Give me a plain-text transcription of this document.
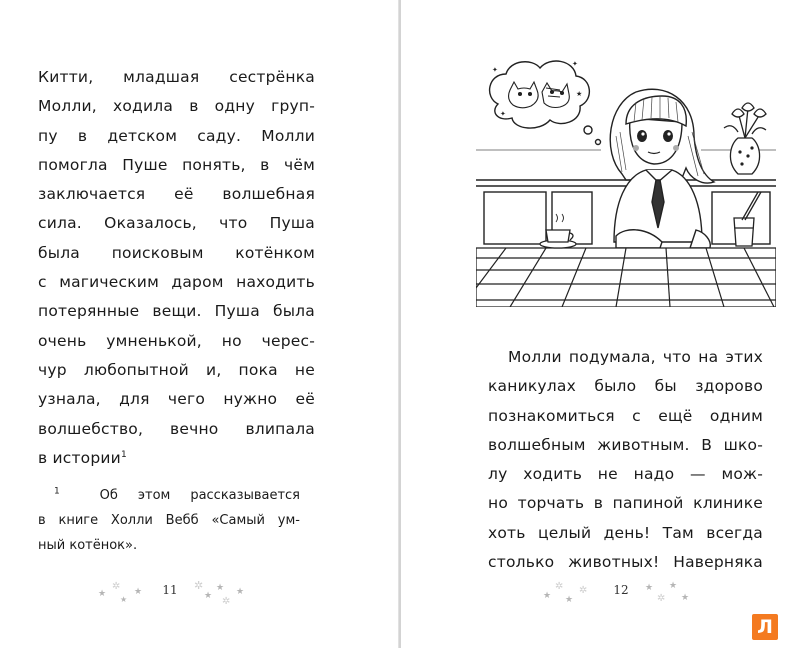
Китти, младшая сестрёнка
Молли, ходила в одну груп-
пу в детском саду. Молли
помогла Пуше понять, в чём
заключается её волшебная
сила. Оказалось, что Пуша
была поисковым котёнком
с магическим даром находить
потерянные вещи. Пуша была
очень умненькой, но черес-
чур любопытной и, пока не
узнала, для чего нужно её
волшебство, вечно влипала
в истории$^1$
$^1$	Об этом рассказывается
в книге Холли Вебб «Самый ум-
ный котёнок».
★
✲
★
★	11	✲
★
★
✲
★
✦
✦
★
✦
Молли подумала, что на этих
каникулах было бы здорово
познакомиться с ещё одним
волшебным животным. В шко-
лу ходить не надо — мож-
но торчать в папиной клинике
хоть целый день! Там всегда
столько животных! Наверняка
★
✲
★
✲	12	★
✲
★
★
Л
